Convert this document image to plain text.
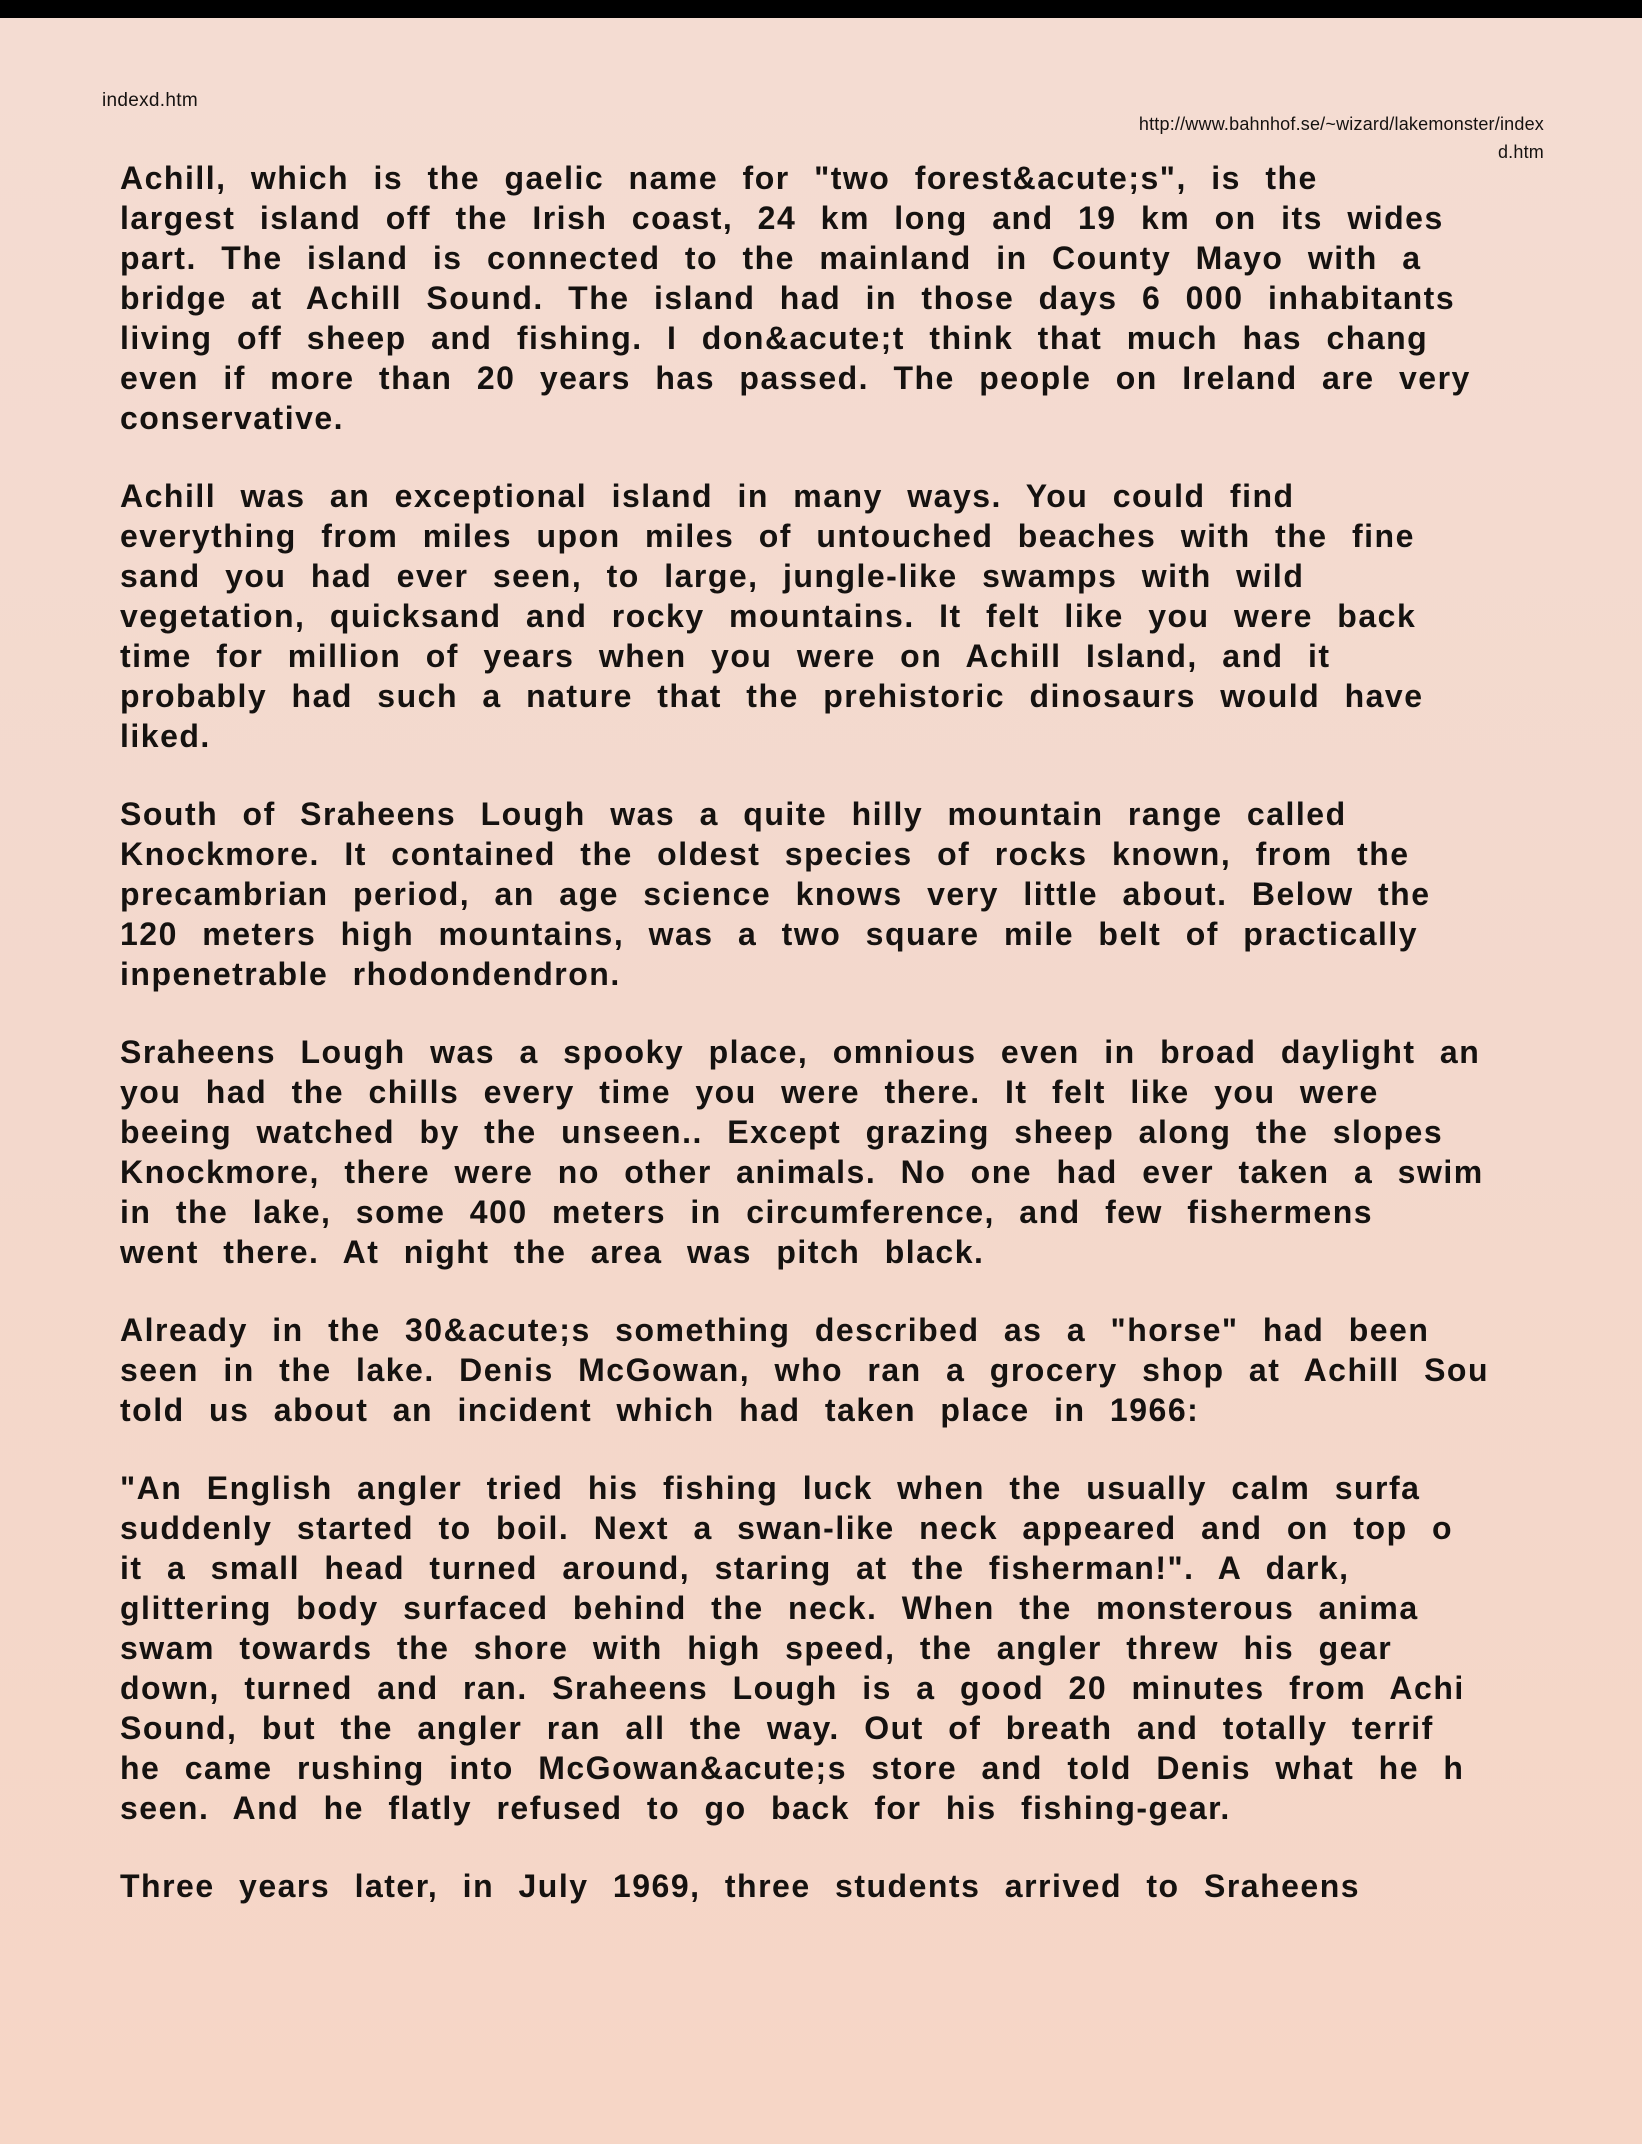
indexd.htm
http://www.bahnhof.se/~wizard/lakemonster/index
d.htm
Achill, which is the gaelic name for "two forest&acute;s", is the
largest island off the Irish coast, 24 km long and 19 km on its wides
part. The island is connected to the mainland in County Mayo with a
bridge at Achill Sound. The island had in those days 6 000 inhabitants
living off sheep and fishing. I don&acute;t think that much has chang
even if more than 20 years has passed. The people on Ireland are very
conservative.
Achill was an exceptional island in many ways. You could find
everything from miles upon miles of untouched beaches with the fine
sand you had ever seen, to large, jungle-like swamps with wild
vegetation, quicksand and rocky mountains. It felt like you were back
time for million of years when you were on Achill Island, and it
probably had such a nature that the prehistoric dinosaurs would have
liked.
South of Sraheens Lough was a quite hilly mountain range called
Knockmore. It contained the oldest species of rocks known, from the
precambrian period, an age science knows very little about. Below the
120 meters high mountains, was a two square mile belt of practically
inpenetrable rhodondendron.
Sraheens Lough was a spooky place, omnious even in broad daylight an
you had the chills every time you were there. It felt like you were
beeing watched by the unseen.. Except grazing sheep along the slopes
Knockmore, there were no other animals. No one had ever taken a swim
in the lake, some 400 meters in circumference, and few fishermens
went there. At night the area was pitch black.
Already in the 30&acute;s something described as a "horse" had been
seen in the lake. Denis McGowan, who ran a grocery shop at Achill Sou
told us about an incident which had taken place in 1966:
"An English angler tried his fishing luck when the usually calm surfa
suddenly started to boil. Next a swan-like neck appeared and on top o
it a small head turned around, staring at the fisherman!". A dark,
glittering body surfaced behind the neck. When the monsterous anima
swam towards the shore with high speed, the angler threw his gear
down, turned and ran. Sraheens Lough is a good 20 minutes from Achi
Sound, but the angler ran all the way. Out of breath and totally terrif
he came rushing into McGowan&acute;s store and told Denis what he h
seen. And he flatly refused to go back for his fishing-gear.
Three years later, in July 1969, three students arrived to Sraheens
